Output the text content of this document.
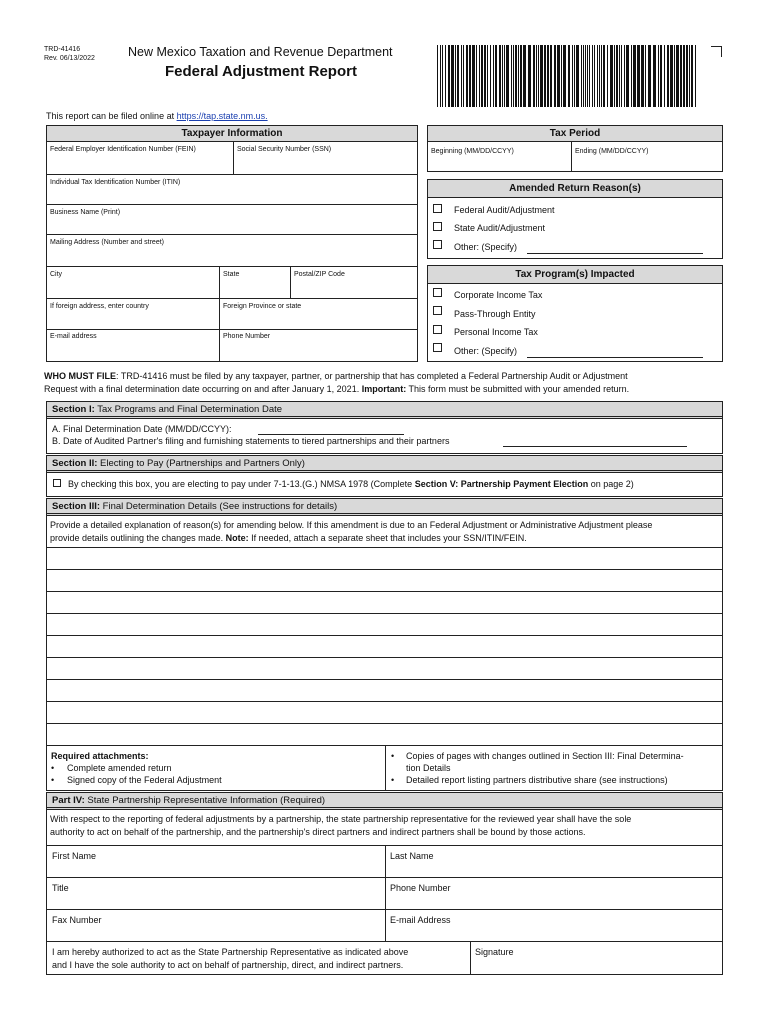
TRD-41416
Rev. 06/13/2022	New Mexico Taxation and Revenue Department
Federal Adjustment Report
This report can be filed online at https://tap.state.nm.us.
Taxpayer Information
Federal Employer Identification Number (FEIN)	Social Security Number (SSN)
Individual Tax Identification Number (ITIN)
Business Name (Print)
Mailing Address (Number and street)
City	State	Postal/ZIP Code
If foreign address, enter country	Foreign Province or state
E-mail address	Phone Number
Tax Period
Beginning (MM/DD/CCYY)	Ending (MM/DD/CCYY)
Amended Return Reason(s)
Federal Audit/Adjustment
State Audit/Adjustment
Other: (Specify)
Tax Program(s) Impacted
Corporate Income Tax
Pass-Through Entity
Personal Income Tax
Other: (Specify)
WHO MUST FILE: TRD-41416 must be filed by any taxpayer, partner, or partnership that has completed a Federal Partnership Audit or Adjustment
Request with a final determination date occurring on and after January 1, 2021. Important: This form must be submitted with your amended return.
Section I: Tax Programs and Final Determination Date
A. Final Determination Date (MM/DD/CCYY):
B. Date of Audited Partner's filing and furnishing statements to tiered partnerships and their partners
Section II: Electing to Pay (Partnerships and Partners Only)
By checking this box, you are electing to pay under 7-1-13.(G.) NMSA 1978 (Complete Section V: Partnership Payment Election on page 2)
Section III: Final Determination Details (See instructions for details)
Provide a detailed explanation of reason(s) for amending below. If this amendment is due to an Federal Adjustment or Administrative Adjustment please
provide details outlining the changes made. Note: If needed, attach a separate sheet that includes your SSN/ITIN/FEIN.
Required attachments:
• Complete amended return
• Signed copy of the Federal Adjustment
• Copies of pages with changes outlined in Section III: Final Determina-
tion Details
• Detailed report listing partners distributive share (see instructions)
Part IV: State Partnership Representative Information (Required)
With respect to the reporting of federal adjustments by a partnership, the state partnership representative for the reviewed year shall have the sole
authority to act on behalf of the partnership, and the partnership's direct partners and indirect partners shall be bound by those actions.
First Name	Last Name
Title	Phone Number
Fax Number	E-mail Address
I am hereby authorized to act as the State Partnership Representative as indicated above
and I have the sole authority to act on behalf of partnership, direct, and indirect partners.
Signature
